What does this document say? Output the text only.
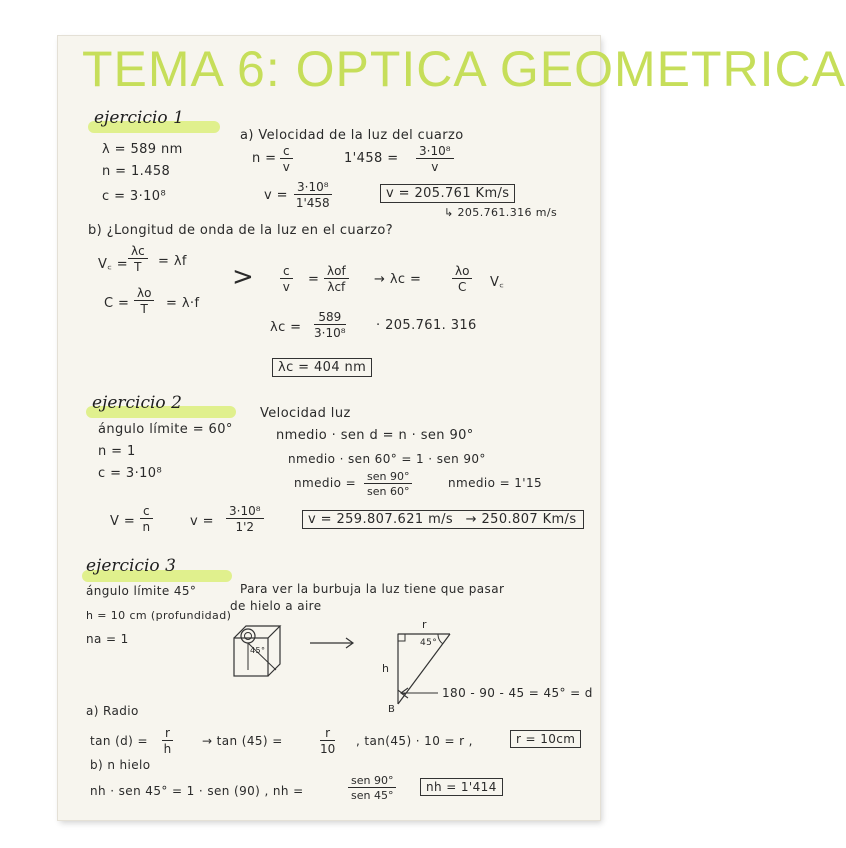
TEMA 6: OPTICA GEOMETRICA
ejercicio 1
λ = 589 nm
n = 1.458
c = 3·10⁸
a) Velocidad de la luz del cuarzo
$n = \frac{c}{v}$	$1'458 = \frac{\text{3·10⁸}}{v}$
$v = \frac{\text{3·10⁸}}{1'458}$	v = 205.761 Km/s
↳ 205.761.316 m/s
b) ¿Longitud de onda de la luz en el cuarzo?
V꜀ = $\frac{\lambda c}{T} = \lambda f$
$C = \frac{\lambda o}{T} = \lambda\cdot f$
> $\frac{c}{v}$ =
λof
λcf → λc =	$\frac{\lambda o}{C}$ V꜀
$\lambda c = \frac{589}{\text{3·10⁸}} \cdot 205.761$. 316
λc = 404 nm
ejercicio 2
ángulo límite = 60°
n = 1
c = 3·10⁸
Velocidad luz
nmedio · sen d = n · sen 90°
nmedio · sen 60° = 1 · sen 90°
nmedio = sen 90°
sen 60°
nmedio = 1'15
$V = \frac{c}{n}$	$v = \frac{\text{3·10⁸}}{1'2}$	v = 259.807.621 m/s → 250.807 Km/s
ejercicio 3
ángulo límite 45°
h = 10 cm (profundidad)
na = 1
Para ver la burbuja la luz tiene que pasar
de hielo a aire
45°
r
h
45°
B
180 - 90 - 45 = 45° = d
a) Radio
$\tan (d) = \frac{r}{h} \to \tan (45)$ =	$\frac{r}{10}$ , tan(45) · 10 = r ,	r = 10cm
b) n hielo
nh · sen 45° = 1 · sen (90) , nh =
sen 90°
sen 45°
nh = 1'414
